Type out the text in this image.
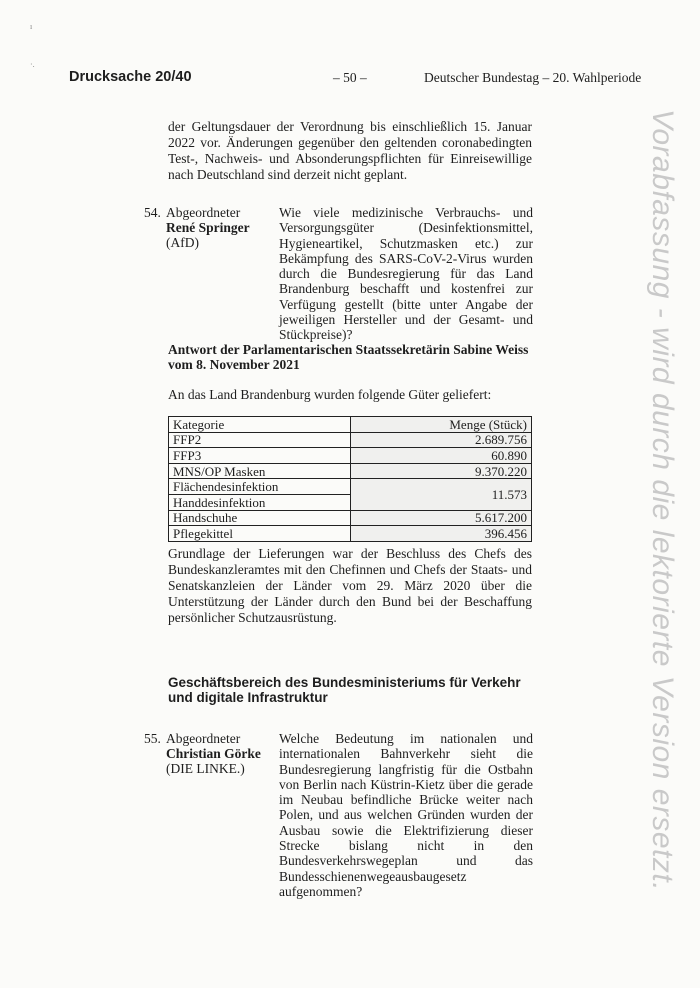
ı
·.
Drucksache 20/40	– 50 –	Deutscher Bundestag – 20. Wahlperiode
der Geltungsdauer der Verordnung bis einschließlich 15. Januar 2022 vor. Änderungen gegenüber den geltenden coronabedingten Test-, Nachweis- und Absonderungspflichten für Einreisewillige nach Deutschland sind derzeit nicht geplant.
54. Abgeordneter
René Springer
(AfD)
Wie viele medizinische Verbrauchs- und Versorgungsgüter (Desinfektionsmittel, Hygieneartikel, Schutzmasken etc.) zur Bekämpfung des SARS-CoV-2-Virus wurden durch die Bundesregierung für das Land Brandenburg beschafft und kostenfrei zur Verfügung gestellt (bitte unter Angabe der jeweiligen Hersteller und der Gesamt- und Stückpreise)?
Antwort der Parlamentarischen Staatssekretärin Sabine Weiss
vom 8. November 2021
An das Land Brandenburg wurden folgende Güter geliefert:
Kategorie	Menge (Stück)
FFP2	2.689.756
FFP3	60.890
MNS/OP Masken	9.370.220
Flächendesinfektion	11.573
Handdesinfektion	
Handschuhe	5.617.200
Pflegekittel	396.456
Grundlage der Lieferungen war der Beschluss des Chefs des Bundeskanzleramtes mit den Chefinnen und Chefs der Staats- und Senatskanzleien der Länder vom 29. März 2020 über die Unterstützung der Länder durch den Bund bei der Beschaffung persönlicher Schutzausrüstung.
Geschäftsbereich des Bundesministeriums für Verkehr
und digitale Infrastruktur
55. Abgeordneter
Christian Görke
(DIE LINKE.)
Welche Bedeutung im nationalen und internationalen Bahnverkehr sieht die Bundesregierung langfristig für die Ostbahn von Berlin nach Küstrin-Kietz über die gerade im Neubau befindliche Brücke weiter nach Polen, und aus welchen Gründen wurden der Ausbau sowie die Elektrifizierung dieser Strecke bislang nicht in den Bundesverkehrswegeplan und das Bundesschienenwegeausbaugesetz aufgenommen?
Vorabfassung - wird durch die lektorierte Version ersetzt.
